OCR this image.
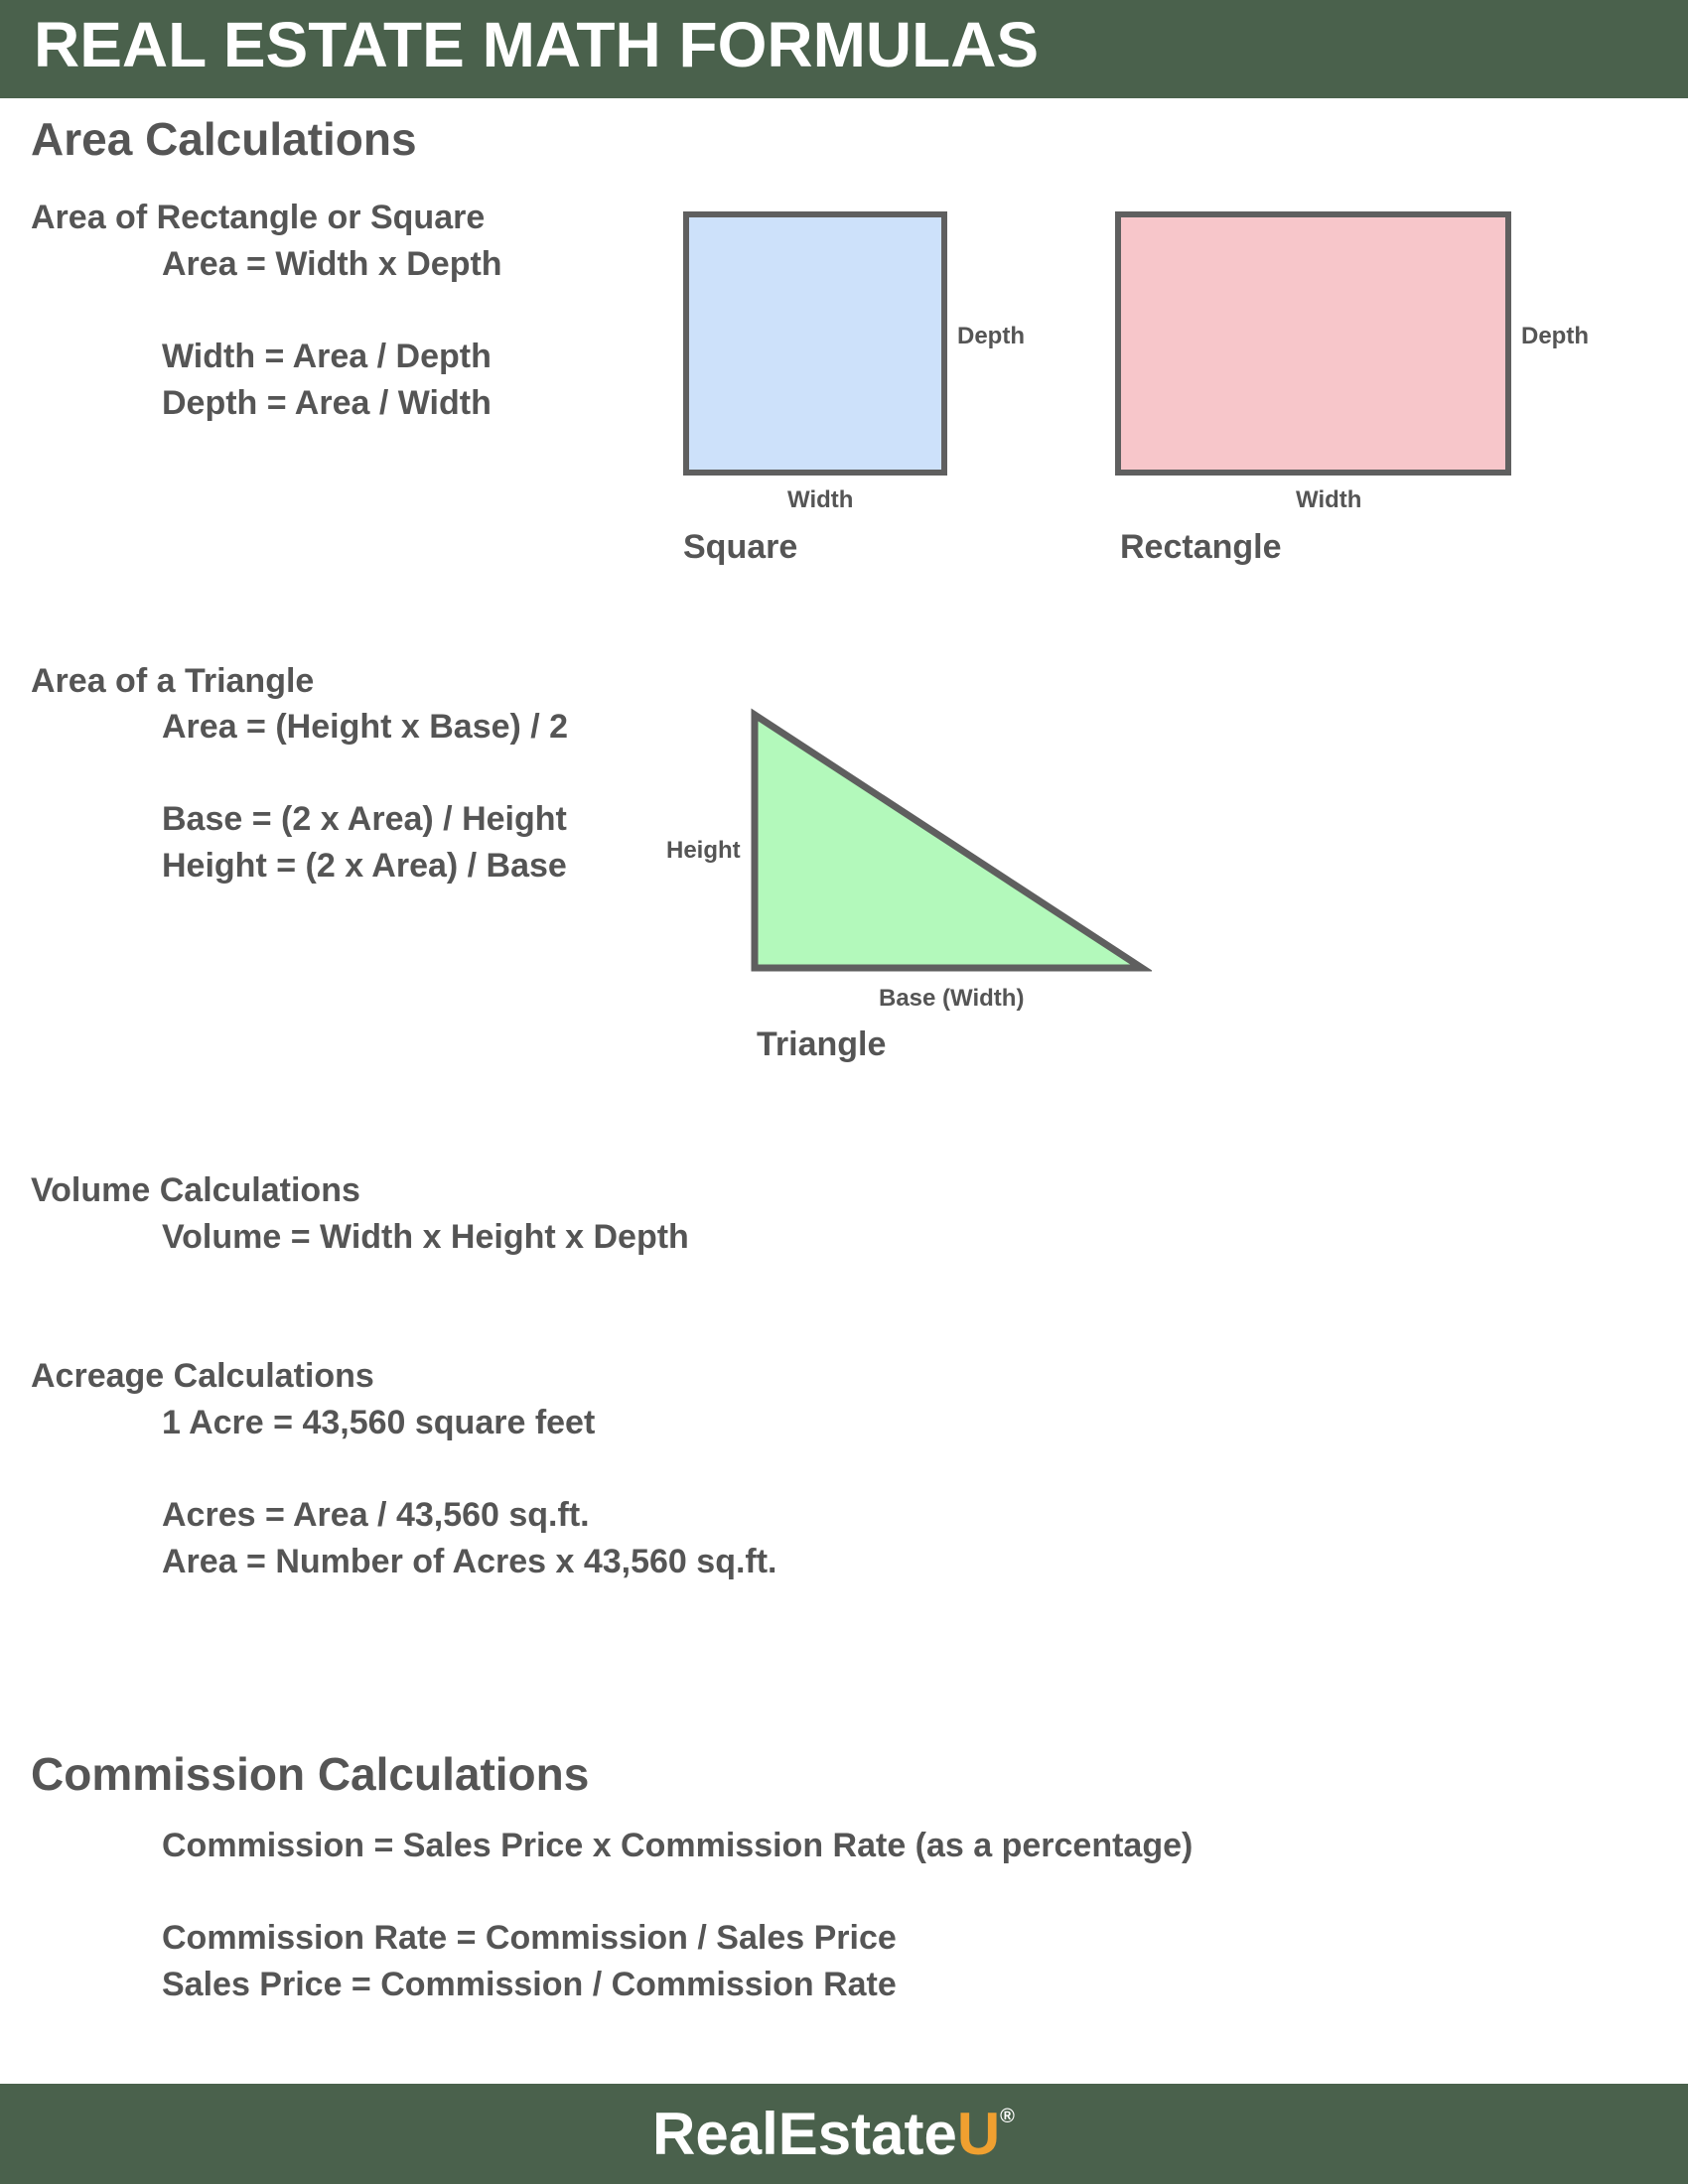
REAL ESTATE MATH FORMULAS
Area Calculations
Area of Rectangle or Square
Area = Width x Depth
Width = Area / Depth
Depth = Area / Width
Depth
Width
Square
Depth
Width
Rectangle
Area of a Triangle
Area = (Height x Base) / 2
Base = (2 x Area) / Height
Height = (2 x Area) / Base	Height
Base (Width)
Triangle
Volume Calculations
Volume = Width x Height x Depth
Acreage Calculations
1 Acre = 43,560 square feet
Acres = Area / 43,560 sq.ft.
Area = Number of Acres x 43,560 sq.ft.
Commission Calculations
Commission = Sales Price x Commission Rate (as a percentage)
Commission Rate = Commission / Sales Price
Sales Price = Commission / Commission Rate
RealEstateU®
